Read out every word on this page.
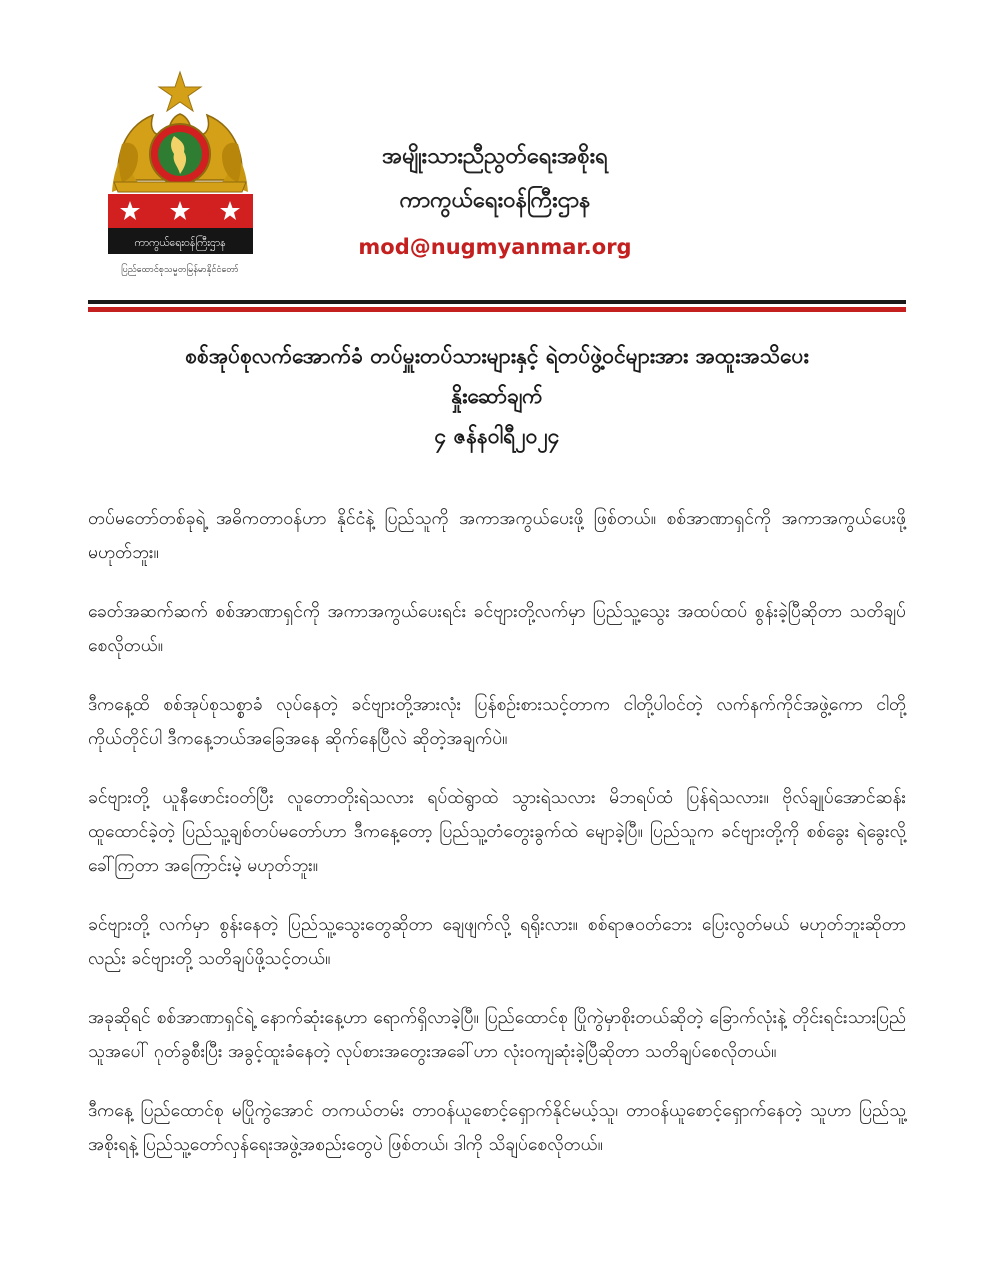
ကာကွယ်ရေးဝန်ကြီးဌာန
ပြည်ထောင်စုသမ္မတမြန်မာနိုင်ငံတော်
အမျိုးသားညီညွတ်ရေးအစိုးရ
ကာကွယ်ရေးဝန်ကြီးဌာန
mod@nugmyanmar.org
စစ်အုပ်စုလက်အောက်ခံ တပ်မှူးတပ်သားများနှင့် ရဲတပ်ဖွဲ့ဝင်များအား အထူးအသိပေး
နှိုးဆော်ချက်
၄ ဇန်နဝါရီ၂၀၂၄

တပ်မတော်တစ်ခုရဲ့ အဓိကတာဝန်ဟာ နိုင်ငံနဲ့ ပြည်သူကို အကာအကွယ်ပေးဖို့ ဖြစ်တယ်။ စစ်အာဏာရှင်ကို အကာအကွယ်ပေးဖို့ မဟုတ်ဘူး။

ခေတ်အဆက်ဆက် စစ်အာဏာရှင်ကို အကာအကွယ်ပေးရင်း ခင်ဗျားတို့လက်မှာ ပြည်သူ့သွေး အထပ်ထပ် စွန်းခဲ့ပြီဆိုတာ သတိချပ်စေလိုတယ်။

ဒီကနေ့ထိ စစ်အုပ်စုသစ္စာခံ လုပ်နေတဲ့ ခင်ဗျားတို့အားလုံး ပြန်စဉ်းစားသင့်တာက ငါတို့ပါဝင်တဲ့ လက်နက်ကိုင်အဖွဲ့ကော ငါတို့ကိုယ်တိုင်ပါ ဒီကနေ့ဘယ်အခြေအနေ ဆိုက်နေပြီလဲ ဆိုတဲ့အချက်ပဲ။

ခင်ဗျားတို့ ယူနီဖောင်းဝတ်ပြီး လူတောတိုးရဲသလား ရပ်ထဲရွာထဲ သွားရဲသလား မိဘရပ်ထံ ပြန်ရဲသလား။ ဗိုလ်ချုပ်အောင်ဆန်း ထူထောင်ခဲ့တဲ့ ပြည်သူ့ချစ်တပ်မတော်ဟာ ဒီကနေ့တော့ ပြည်သူ့တံတွေးခွက်ထဲ မျောခဲ့ပြီ။ ပြည်သူက ခင်ဗျားတို့ကို စစ်ခွေး ရဲခွေးလို့ ခေါ်ကြတာ အကြောင်းမဲ့ မဟုတ်ဘူး။

ခင်ဗျားတို့ လက်မှာ စွန်းနေတဲ့ ပြည်သူ့သွေးတွေဆိုတာ ချေဖျက်လို့ ရရိုးလား။ စစ်ရာဇဝတ်ဘေး ပြေးလွတ်မယ် မဟုတ်ဘူးဆိုတာလည်း ခင်ဗျားတို့ သတိချပ်ဖို့သင့်တယ်။

အခုဆိုရင် စစ်အာဏာရှင်ရဲ့ နောက်ဆုံးနေ့ဟာ ရောက်ရှိလာခဲ့ပြီ။ ပြည်ထောင်စု ပြိုကွဲမှာစိုးတယ်ဆိုတဲ့ ခြောက်လုံးနဲ့ တိုင်းရင်းသားပြည်သူအပေါ် ဂုတ်ခွစီးပြီး အခွင့်ထူးခံနေတဲ့ လုပ်စားအတွေးအခေါ်ဟာ လုံးဝကျဆုံးခဲ့ပြီဆိုတာ သတိချပ်စေလိုတယ်။

ဒီကနေ့ ပြည်ထောင်စု မပြိုကွဲအောင် တကယ်တမ်း တာဝန်ယူစောင့်ရှောက်နိုင်မယ့်သူ၊ တာဝန်ယူစောင့်ရှောက်နေတဲ့ သူဟာ ပြည်သူ့အစိုးရနဲ့ ပြည်သူ့တော်လှန်ရေးအဖွဲ့အစည်းတွေပဲ ဖြစ်တယ်၊ ဒါကို သိချပ်စေလိုတယ်။
